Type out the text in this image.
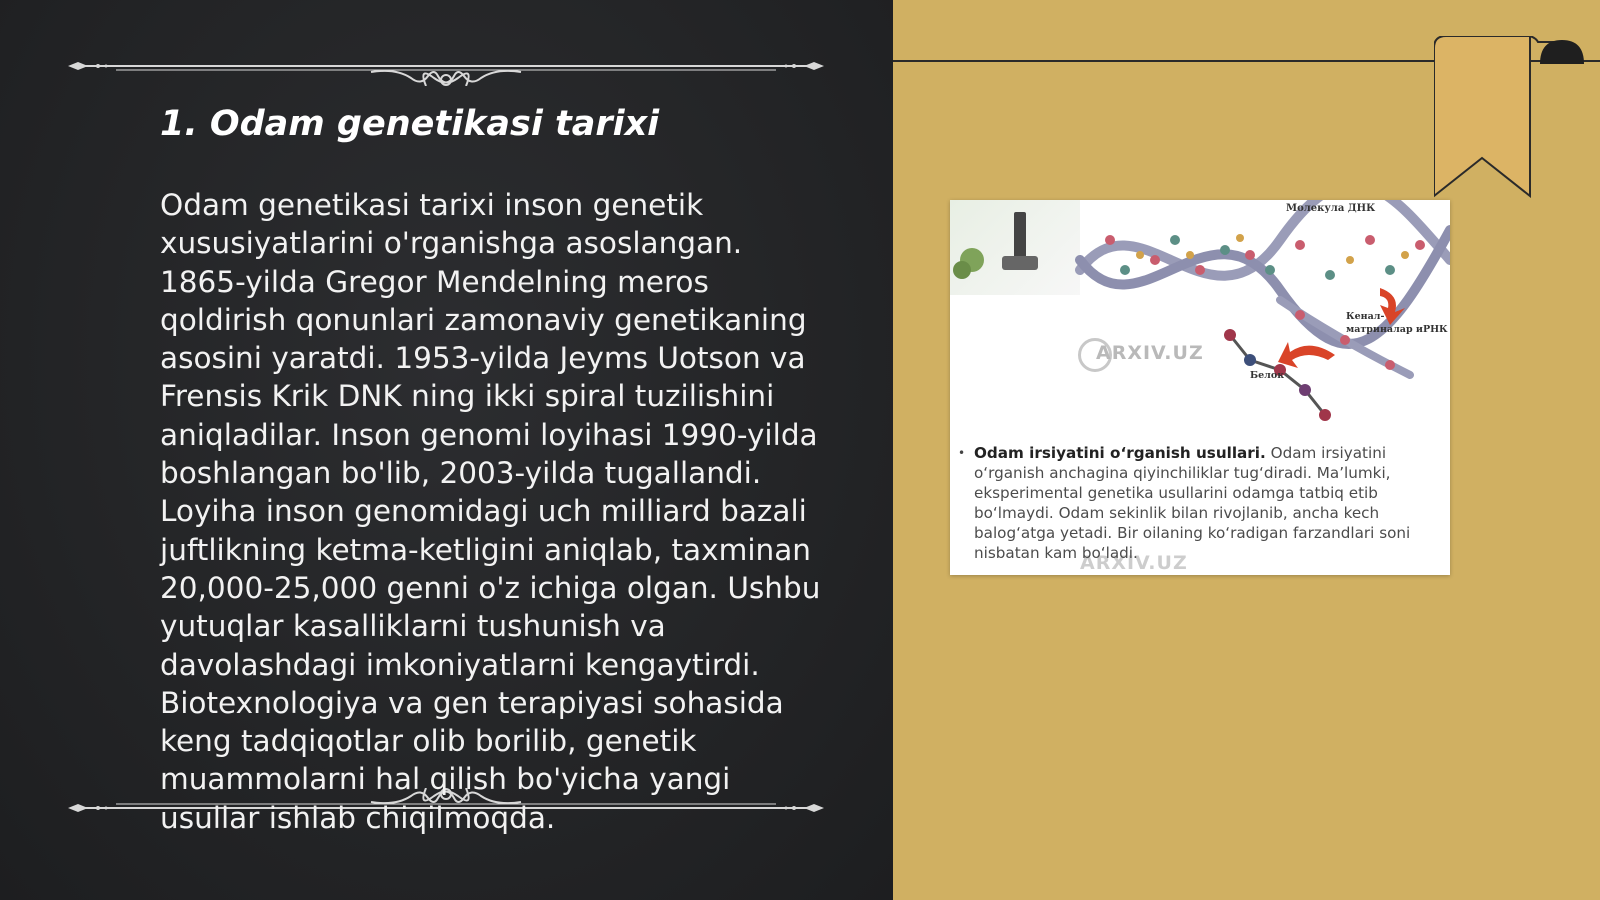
1. Odam genetikasi tarixi

Odam genetikasi tarixi inson genetik xususiyatlarini o'rganishga asoslangan. 1865-yilda Gregor Mendelning meros qoldirish qonunlari zamonaviy genetikaning asosini yaratdi. 1953-yilda Jeyms Uotson va Frensis Krik DNK ning ikki spiral tuzilishini aniqladilar. Inson genomi loyihasi 1990-yilda boshlangan bo'lib, 2003-yilda tugallandi. Loyiha inson genomidagi uch milliard bazali juftlikning ketma-ketligini aniqlab, taxminan 20,000-25,000 genni o'z ichiga olgan. Ushbu yutuqlar kasalliklarni tushunish va davolashdagi imkoniyatlarni kengaytirdi. Biotexnologiya va gen terapiyasi sohasida keng tadqiqotlar olib borilib, genetik muammolarni hal qilish bo'yicha yangi usullar ishlab chiqilmoqda.

ARXIV.UZ
ARXIV.UZ
Молекула ДНК
Кенал-матриналар иРНК
Белок

• Odam irsiyatini o‘rganish usullari. Odam irsiyatini o‘rganish anchagina qiyinchiliklar tug‘diradi. Ma’lumki, eksperimental genetika usullarini odamga tatbiq etib bo‘lmaydi. Odam sekinlik bilan rivojlanib, ancha kech balog‘atga yetadi. Bir oilaning ko‘radigan farzandlari soni nisbatan kam bo‘ladi.
